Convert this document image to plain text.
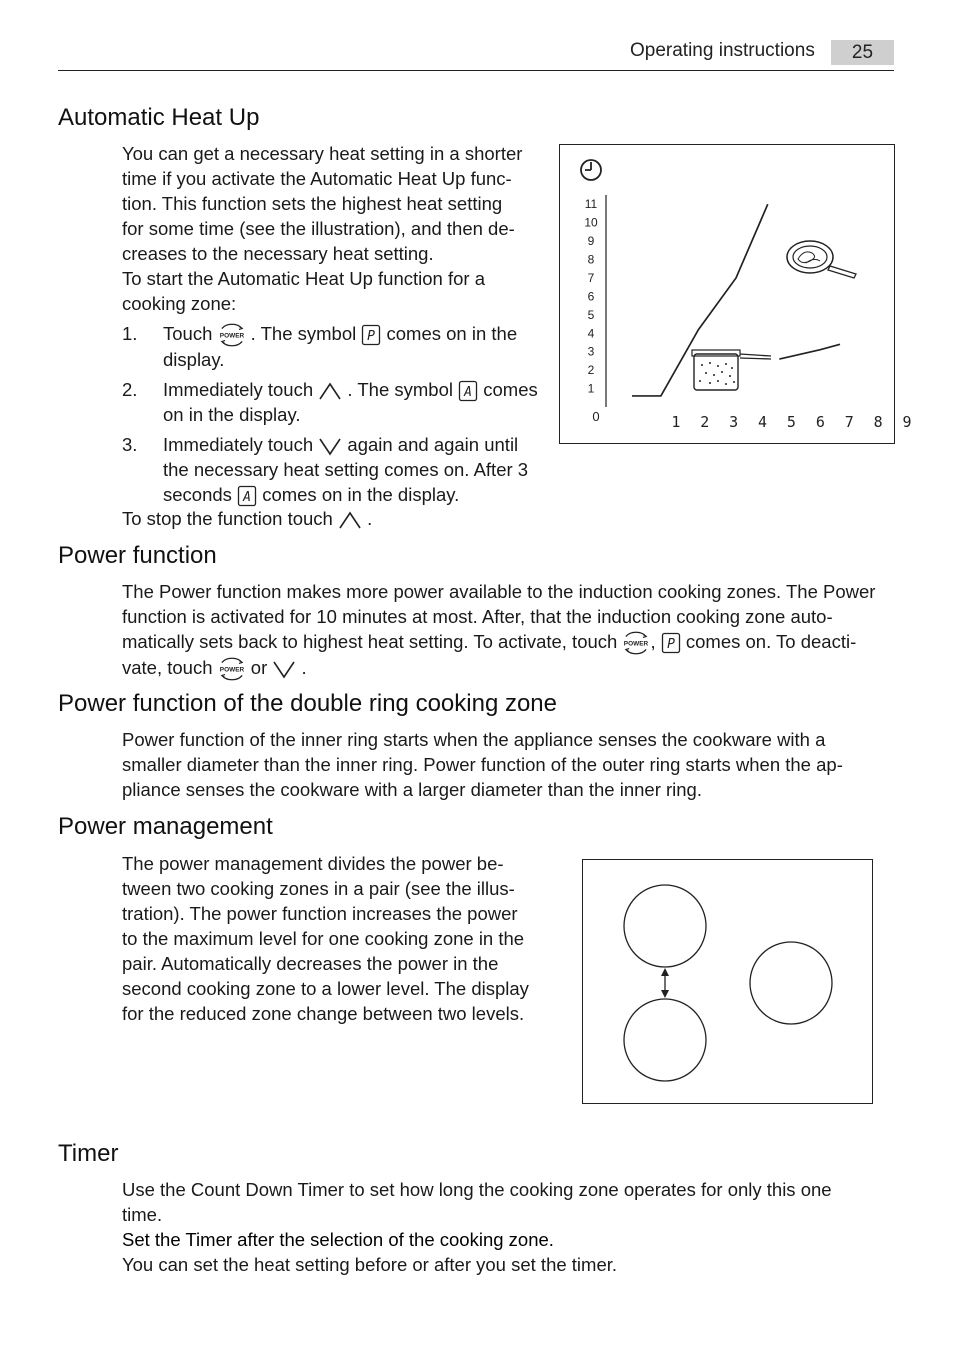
Operating instructions	25
Automatic Heat Up

You can get a necessary heat setting in a shorter

time if you activate the Automatic Heat Up func-

tion. This function sets the highest heat setting

for some time (see the illustration), and then de-

creases to the necessary heat setting.

To start the Automatic Heat Up function for a

cooking zone:

1. Touch . The symbol P comes on in the
display.
2. Immediately touch . The symbol A comes
on in the display.
3. Immediately touch again and again until
the necessary heat setting comes on. After 3
seconds A comes on in the display.
To stop the function touch .
11
10
9
8
7
6
5
4
3
2
1
1 2 3 4 5 6 7 8 9
0
Power function

The Power function makes more power available to the induction cooking zones. The Power

function is activated for 10 minutes at most. After, that the induction cooking zone auto-

matically sets back to highest heat setting. To activate, touch , P comes on. To deacti-

vate, touch or .

Power function of the double ring cooking zone

Power function of the inner ring starts when the appliance senses the cookware with a

smaller diameter than the inner ring. Power function of the outer ring starts when the ap-

pliance senses the cookware with a larger diameter than the inner ring.

Power management

The power management divides the power be-

tween two cooking zones in a pair (see the illus-

tration). The power function increases the power

to the maximum level for one cooking zone in the

pair. Automatically decreases the power in the

second cooking zone to a lower level. The display

for the reduced zone change between two levels.

Timer

Use the Count Down Timer to set how long the cooking zone operates for only this one

time.

Set the Timer after the selection of the cooking zone.

You can set the heat setting before or after you set the timer.
